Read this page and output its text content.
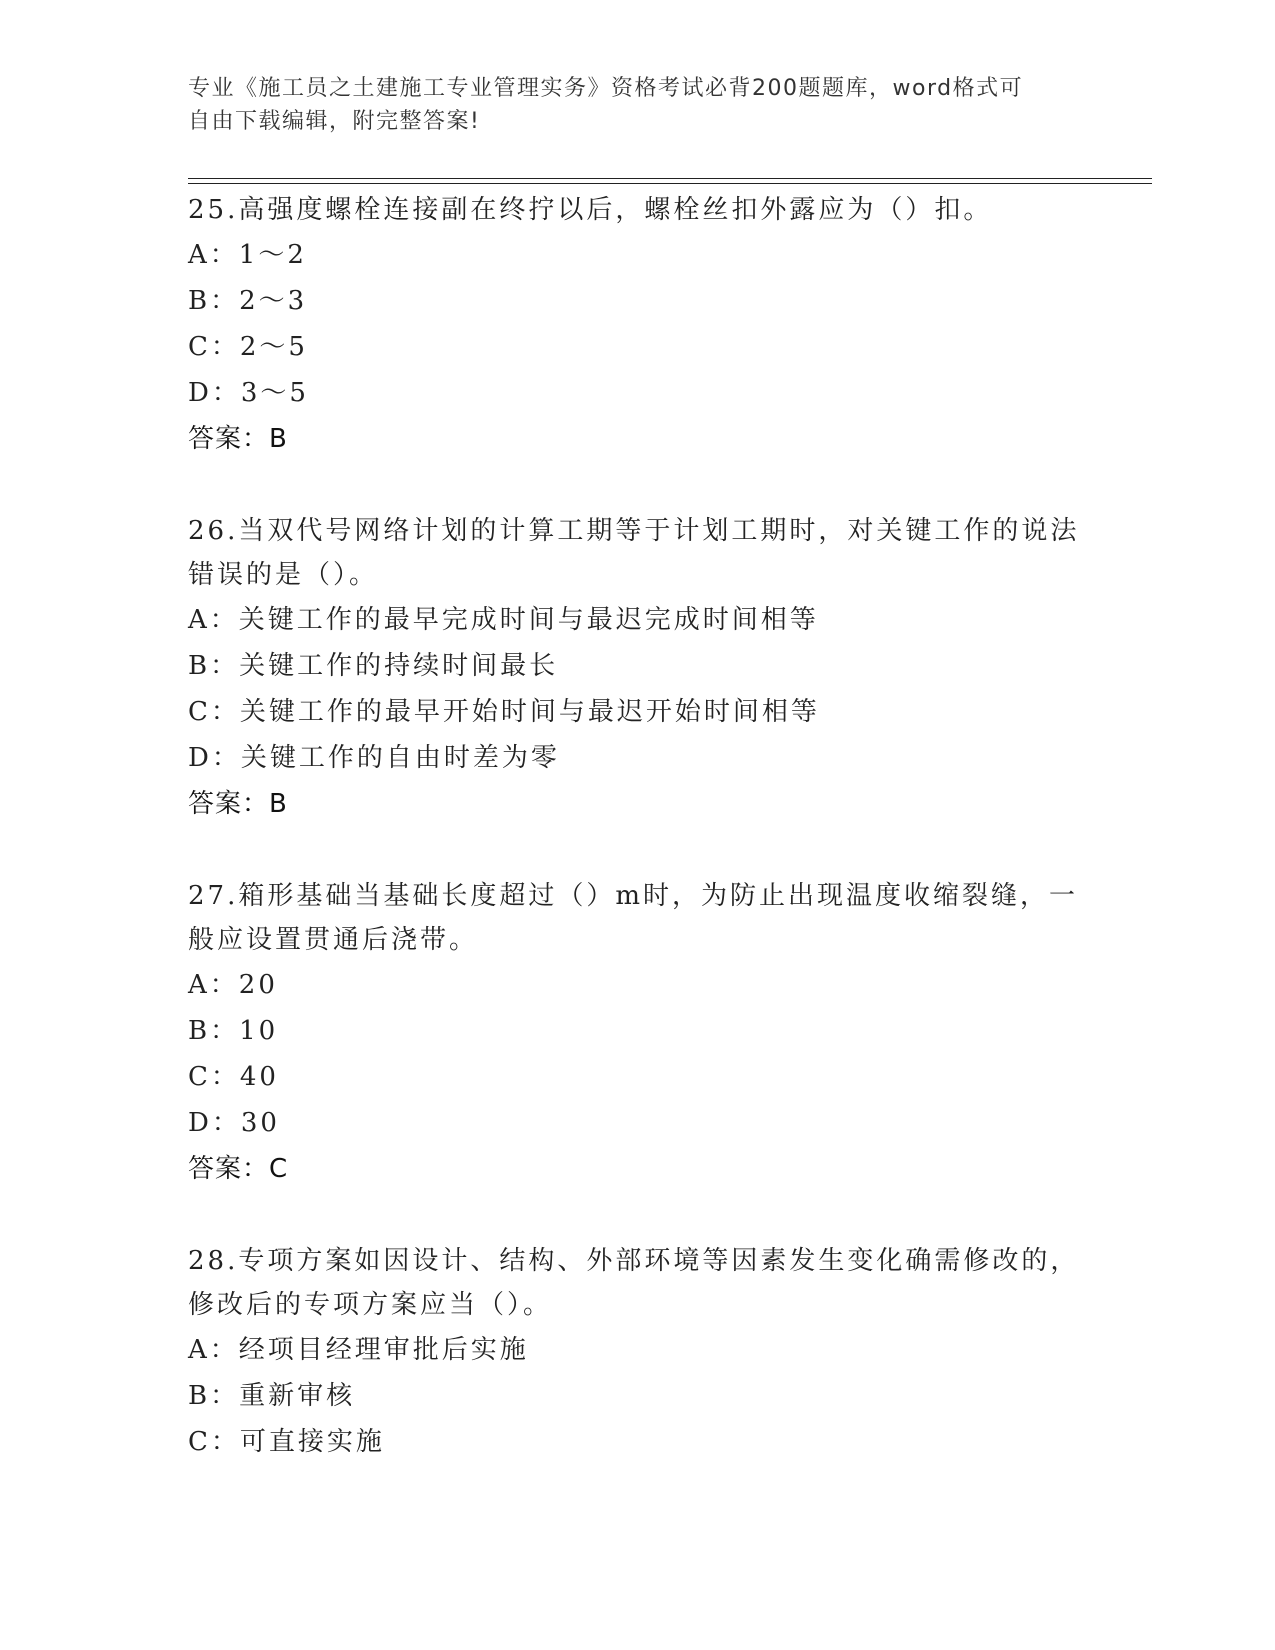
专业《施工员之土建施工专业管理实务》资格考试必背200题题库，word格式可
自由下载编辑，附完整答案!
25.高强度螺栓连接副在终拧以后，螺栓丝扣外露应为（）扣。
A：1～2
B：2～3
C：2～5
D：3～5
答案：B
26.当双代号网络计划的计算工期等于计划工期时，对关键工作的说法
错误的是（）。
A：关键工作的最早完成时间与最迟完成时间相等
B：关键工作的持续时间最长
C：关键工作的最早开始时间与最迟开始时间相等
D：关键工作的自由时差为零
答案：B
27.箱形基础当基础长度超过（）m时，为防止出现温度收缩裂缝，一
般应设置贯通后浇带。
A：20
B：10
C：40
D：30
答案：C
28.专项方案如因设计、结构、外部环境等因素发生变化确需修改的，
修改后的专项方案应当（）。
A：经项目经理审批后实施
B：重新审核
C：可直接实施
